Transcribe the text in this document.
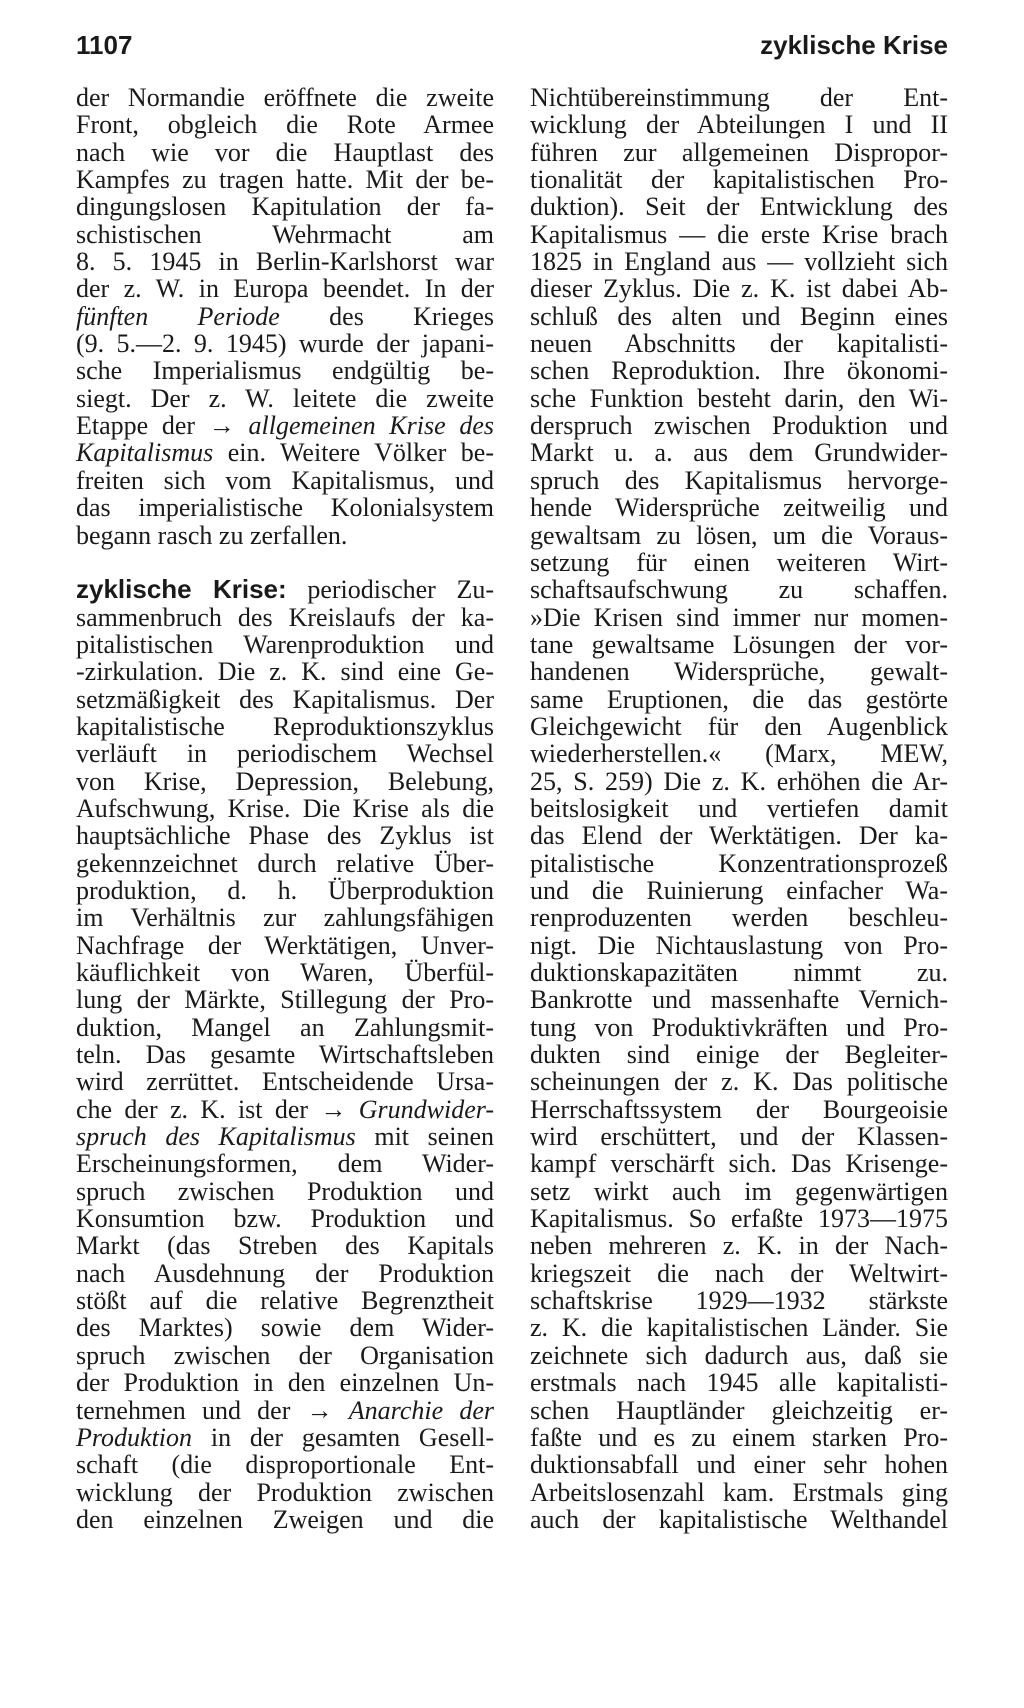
1107	zyklische Krise
der Normandie eröffnete die zweite
Front, obgleich die Rote Armee
nach wie vor die Hauptlast des
Kampfes zu tragen hatte. Mit der be-
dingungslosen Kapitulation der fa-
schistischen Wehrmacht am
8. 5. 1945 in Berlin-Karlshorst war
der z. W. in Europa beendet. In der
fünften Periode des Krieges
(9. 5.—2. 9. 1945) wurde der japani-
sche Imperialismus endgültig be-
siegt. Der z. W. leitete die zweite
Etappe der → allgemeinen Krise des
Kapitalismus ein. Weitere Völker be-
freiten sich vom Kapitalismus, und
das imperialistische Kolonialsystem
begann rasch zu zerfallen.
zyklische Krise: periodischer Zu-
sammenbruch des Kreislaufs der ka-
pitalistischen Warenproduktion und
-zirkulation. Die z. K. sind eine Ge-
setzmäßigkeit des Kapitalismus. Der
kapitalistische Reproduktionszyklus
verläuft in periodischem Wechsel
von Krise, Depression, Belebung,
Aufschwung, Krise. Die Krise als die
hauptsächliche Phase des Zyklus ist
gekennzeichnet durch relative Über-
produktion, d. h. Überproduktion
im Verhältnis zur zahlungsfähigen
Nachfrage der Werktätigen, Unver-
käuflichkeit von Waren, Überfül-
lung der Märkte, Stillegung der Pro-
duktion, Mangel an Zahlungsmit-
teln. Das gesamte Wirtschaftsleben
wird zerrüttet. Entscheidende Ursa-
che der z. K. ist der → Grundwider-
spruch des Kapitalismus mit seinen
Erscheinungsformen, dem Wider-
spruch zwischen Produktion und
Konsumtion bzw. Produktion und
Markt (das Streben des Kapitals
nach Ausdehnung der Produktion
stößt auf die relative Begrenztheit
des Marktes) sowie dem Wider-
spruch zwischen der Organisation
der Produktion in den einzelnen Un-
ternehmen und der → Anarchie der
Produktion in der gesamten Gesell-
schaft (die disproportionale Ent-
wicklung der Produktion zwischen
den einzelnen Zweigen und die
Nichtübereinstimmung der Ent-
wicklung der Abteilungen I und II
führen zur allgemeinen Dispropor-
tionalität der kapitalistischen Pro-
duktion). Seit der Entwicklung des
Kapitalismus — die erste Krise brach
1825 in England aus — vollzieht sich
dieser Zyklus. Die z. K. ist dabei Ab-
schluß des alten und Beginn eines
neuen Abschnitts der kapitalisti-
schen Reproduktion. Ihre ökonomi-
sche Funktion besteht darin, den Wi-
derspruch zwischen Produktion und
Markt u. a. aus dem Grundwider-
spruch des Kapitalismus hervorge-
hende Widersprüche zeitweilig und
gewaltsam zu lösen, um die Voraus-
setzung für einen weiteren Wirt-
schaftsaufschwung zu schaffen.
»Die Krisen sind immer nur momen-
tane gewaltsame Lösungen der vor-
handenen Widersprüche, gewalt-
same Eruptionen, die das gestörte
Gleichgewicht für den Augenblick
wiederherstellen.« (Marx, MEW,
25, S. 259) Die z. K. erhöhen die Ar-
beitslosigkeit und vertiefen damit
das Elend der Werktätigen. Der ka-
pitalistische Konzentrationsprozeß
und die Ruinierung einfacher Wa-
renproduzenten werden beschleu-
nigt. Die Nichtauslastung von Pro-
duktionskapazitäten nimmt zu.
Bankrotte und massenhafte Vernich-
tung von Produktivkräften und Pro-
dukten sind einige der Begleiter-
scheinungen der z. K. Das politische
Herrschaftssystem der Bourgeoisie
wird erschüttert, und der Klassen-
kampf verschärft sich. Das Krisenge-
setz wirkt auch im gegenwärtigen
Kapitalismus. So erfaßte 1973—1975
neben mehreren z. K. in der Nach-
kriegszeit die nach der Weltwirt-
schaftskrise 1929—1932 stärkste
z. K. die kapitalistischen Länder. Sie
zeichnete sich dadurch aus, daß sie
erstmals nach 1945 alle kapitalisti-
schen Hauptländer gleichzeitig er-
faßte und es zu einem starken Pro-
duktionsabfall und einer sehr hohen
Arbeitslosenzahl kam. Erstmals ging
auch der kapitalistische Welthandel
